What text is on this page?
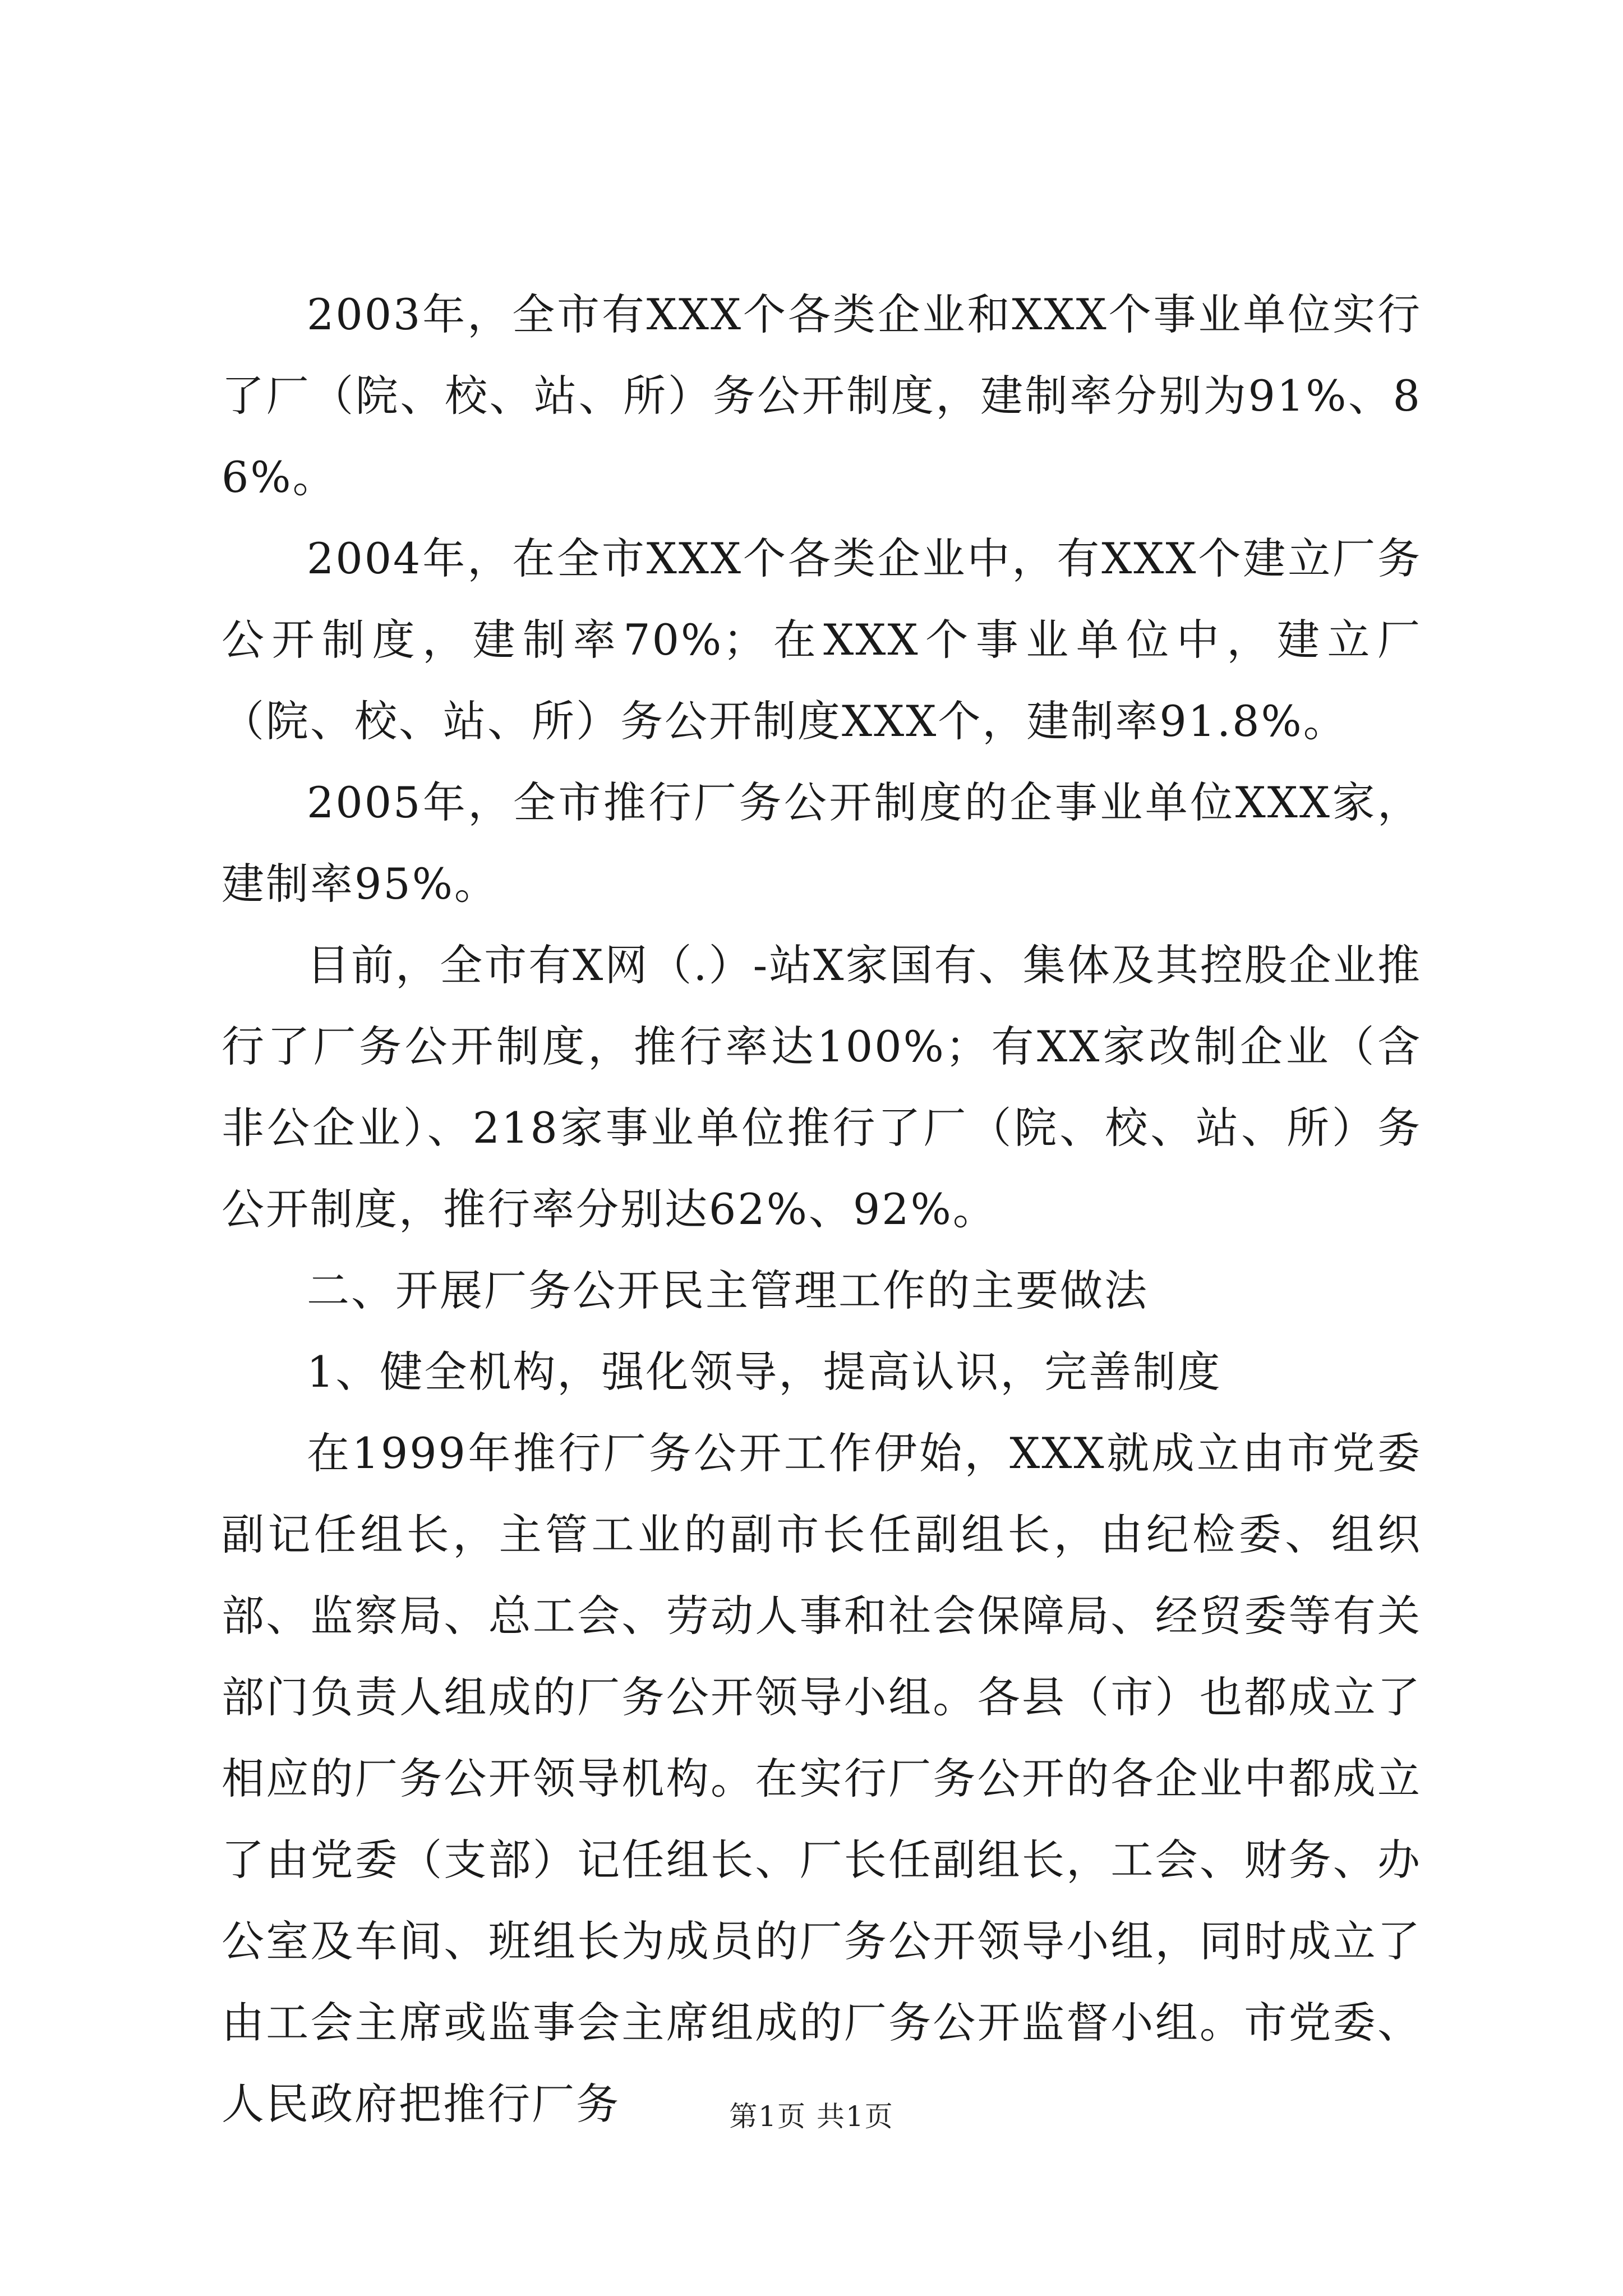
2003年，全市有XXX个各类企业和XXX个事业单位实行了厂（院、校、站、所）务公开制度，建制率分别为91%、86%。

2004年，在全市XXX个各类企业中，有XXX个建立厂务公开制度，建制率70%；在XXX个事业单位中，建立厂（院、校、站、所）务公开制度XXX个，建制率91.8%。

2005年，全市推行厂务公开制度的企事业单位XXX家，建制率95%。

目前，全市有X网（.）-站X家国有、集体及其控股企业推行了厂务公开制度，推行率达100%；有XX家改制企业（含非公企业）、218家事业单位推行了厂（院、校、站、所）务公开制度，推行率分别达62%、92%。

二、开展厂务公开民主管理工作的主要做法

1、健全机构，强化领导，提高认识，完善制度

在1999年推行厂务公开工作伊始，XXX就成立由市党委副记任组长，主管工业的副市长任副组长，由纪检委、组织部、监察局、总工会、劳动人事和社会保障局、经贸委等有关部门负责人组成的厂务公开领导小组。各县（市）也都成立了相应的厂务公开领导机构。在实行厂务公开的各企业中都成立了由党委（支部）记任组长、厂长任副组长，工会、财务、办公室及车间、班组长为成员的厂务公开领导小组，同时成立了由工会主席或监事会主席组成的厂务公开监督小组。市党委、人民政府把推行厂务	第1页 共1页
